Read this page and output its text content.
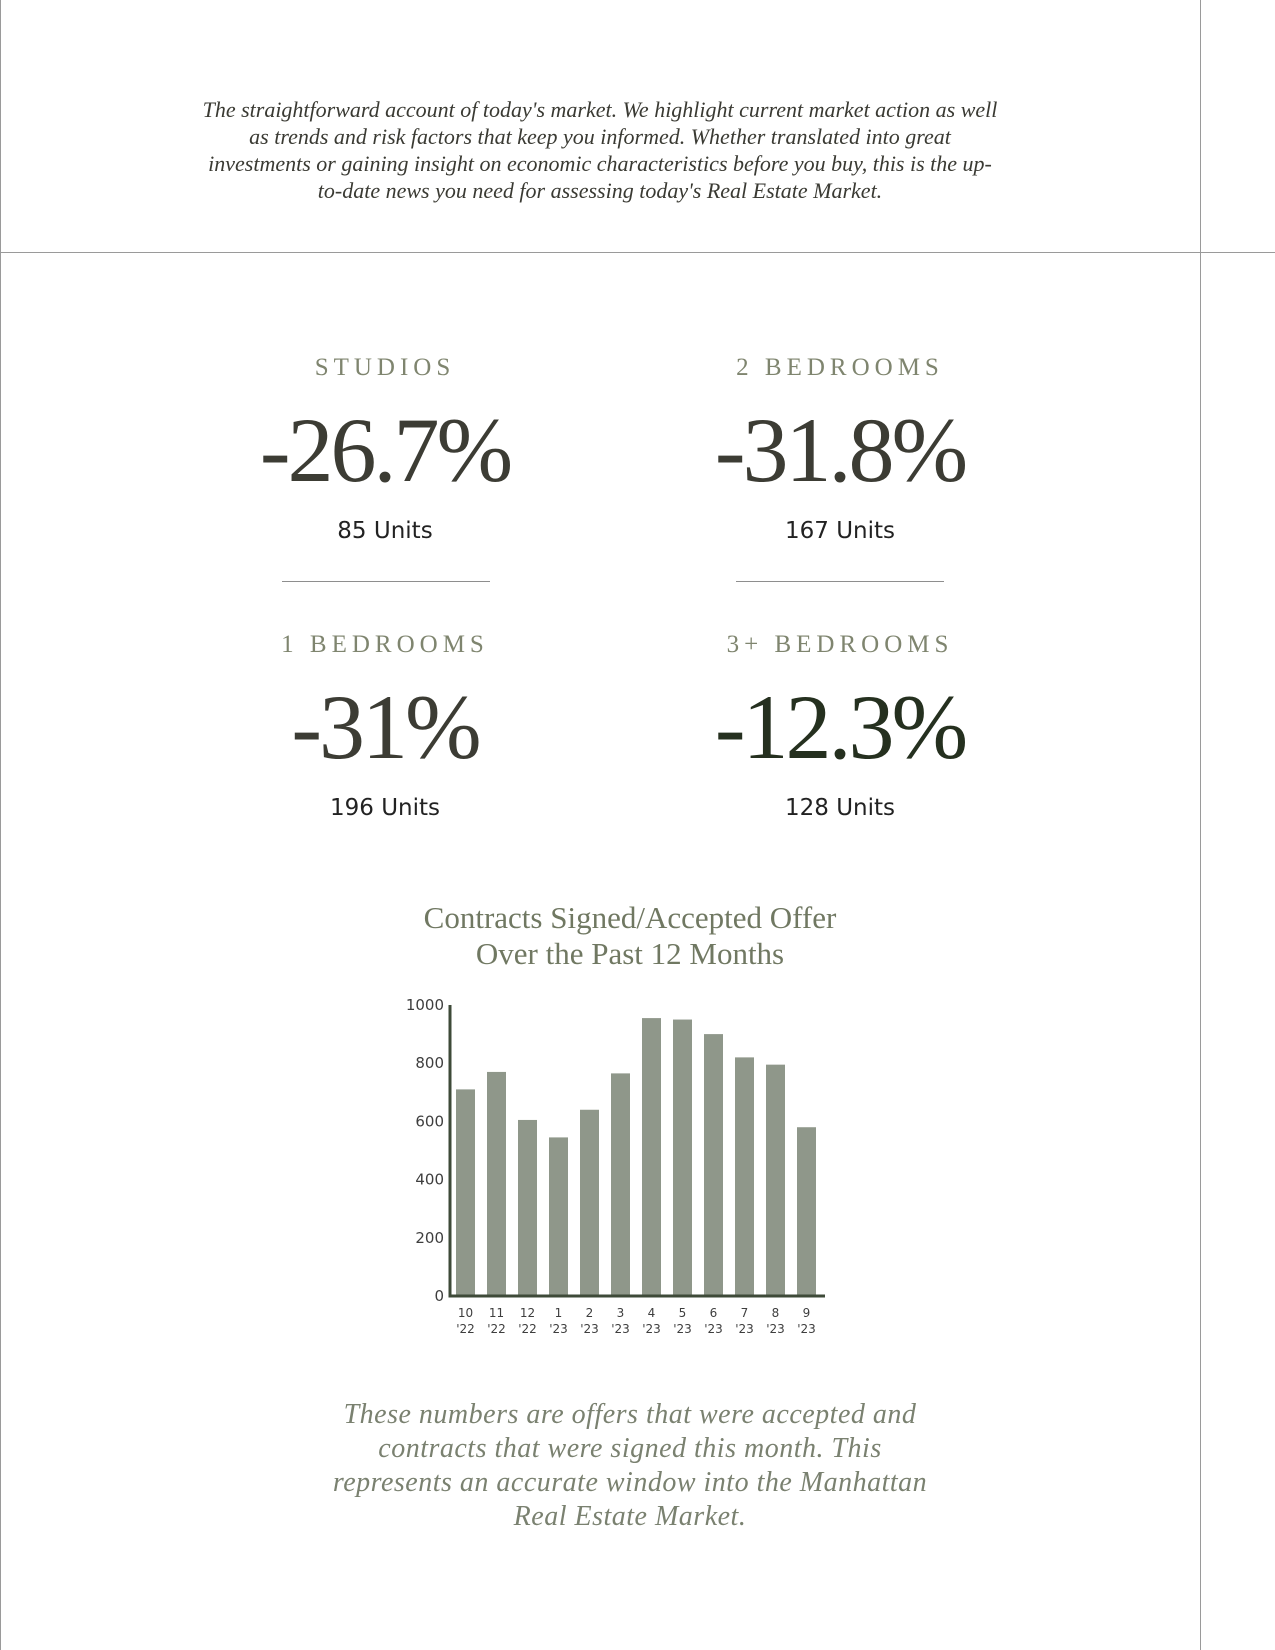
The straightforward account of today's market. We highlight current market action as well as trends and risk factors that keep you informed. Whether translated into great investments or gaining insight on economic characteristics before you buy, this is the up-to-date news you need for assessing today's Real Estate Market.

STUDIOS
-26.7%
85 Units
2 BEDROOMS
-31.8%
167 Units
1 BEDROOMS
-31%
196 Units
3+ BEDROOMS
-12.3%
128 Units
Contracts Signed/Accepted Offer
Over the Past 12 Months
10
'22
11
'22
12
'22
1
'23
2
'23
3
'23
4
'23
5
'23
6
'23
7
'23
8
'23
9
'23
0
200
400
600
800
1000

These numbers are offers that were accepted and contracts that were signed this month. This represents an accurate window into the Manhattan Real Estate Market.
